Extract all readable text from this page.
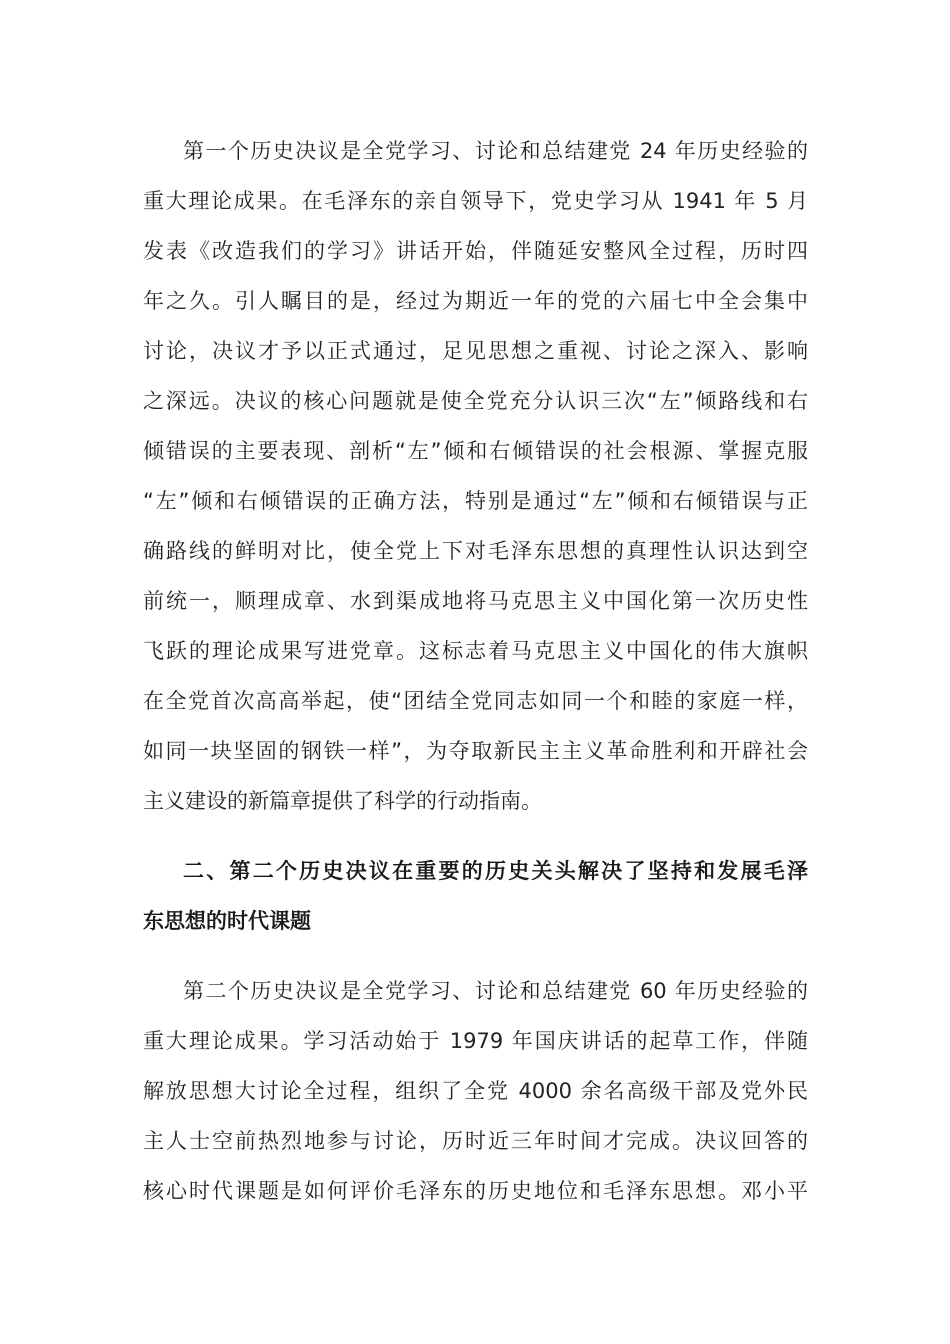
第一个历史决议是全党学习、讨论和总结建党 24 年历史经验的
重大理论成果。在毛泽东的亲自领导下，党史学习从 1941 年 5 月
发表《改造我们的学习》讲话开始，伴随延安整风全过程，历时四
年之久。引人瞩目的是，经过为期近一年的党的六届七中全会集中
讨论，决议才予以正式通过，足见思想之重视、讨论之深入、影响
之深远。决议的核心问题就是使全党充分认识三次“左”倾路线和右
倾错误的主要表现、剖析“左”倾和右倾错误的社会根源、掌握克服
“左”倾和右倾错误的正确方法，特别是通过“左”倾和右倾错误与正
确路线的鲜明对比，使全党上下对毛泽东思想的真理性认识达到空
前统一，顺理成章、水到渠成地将马克思主义中国化第一次历史性
飞跃的理论成果写进党章。这标志着马克思主义中国化的伟大旗帜
在全党首次高高举起，使“团结全党同志如同一个和睦的家庭一样，
如同一块坚固的钢铁一样”，为夺取新民主主义革命胜利和开辟社会
主义建设的新篇章提供了科学的行动指南。
二、第二个历史决议在重要的历史关头解决了坚持和发展毛泽
东思想的时代课题
第二个历史决议是全党学习、讨论和总结建党 60 年历史经验的
重大理论成果。学习活动始于 1979 年国庆讲话的起草工作，伴随
解放思想大讨论全过程，组织了全党 4000 余名高级干部及党外民
主人士空前热烈地参与讨论，历时近三年时间才完成。决议回答的
核心时代课题是如何评价毛泽东的历史地位和毛泽东思想。邓小平
